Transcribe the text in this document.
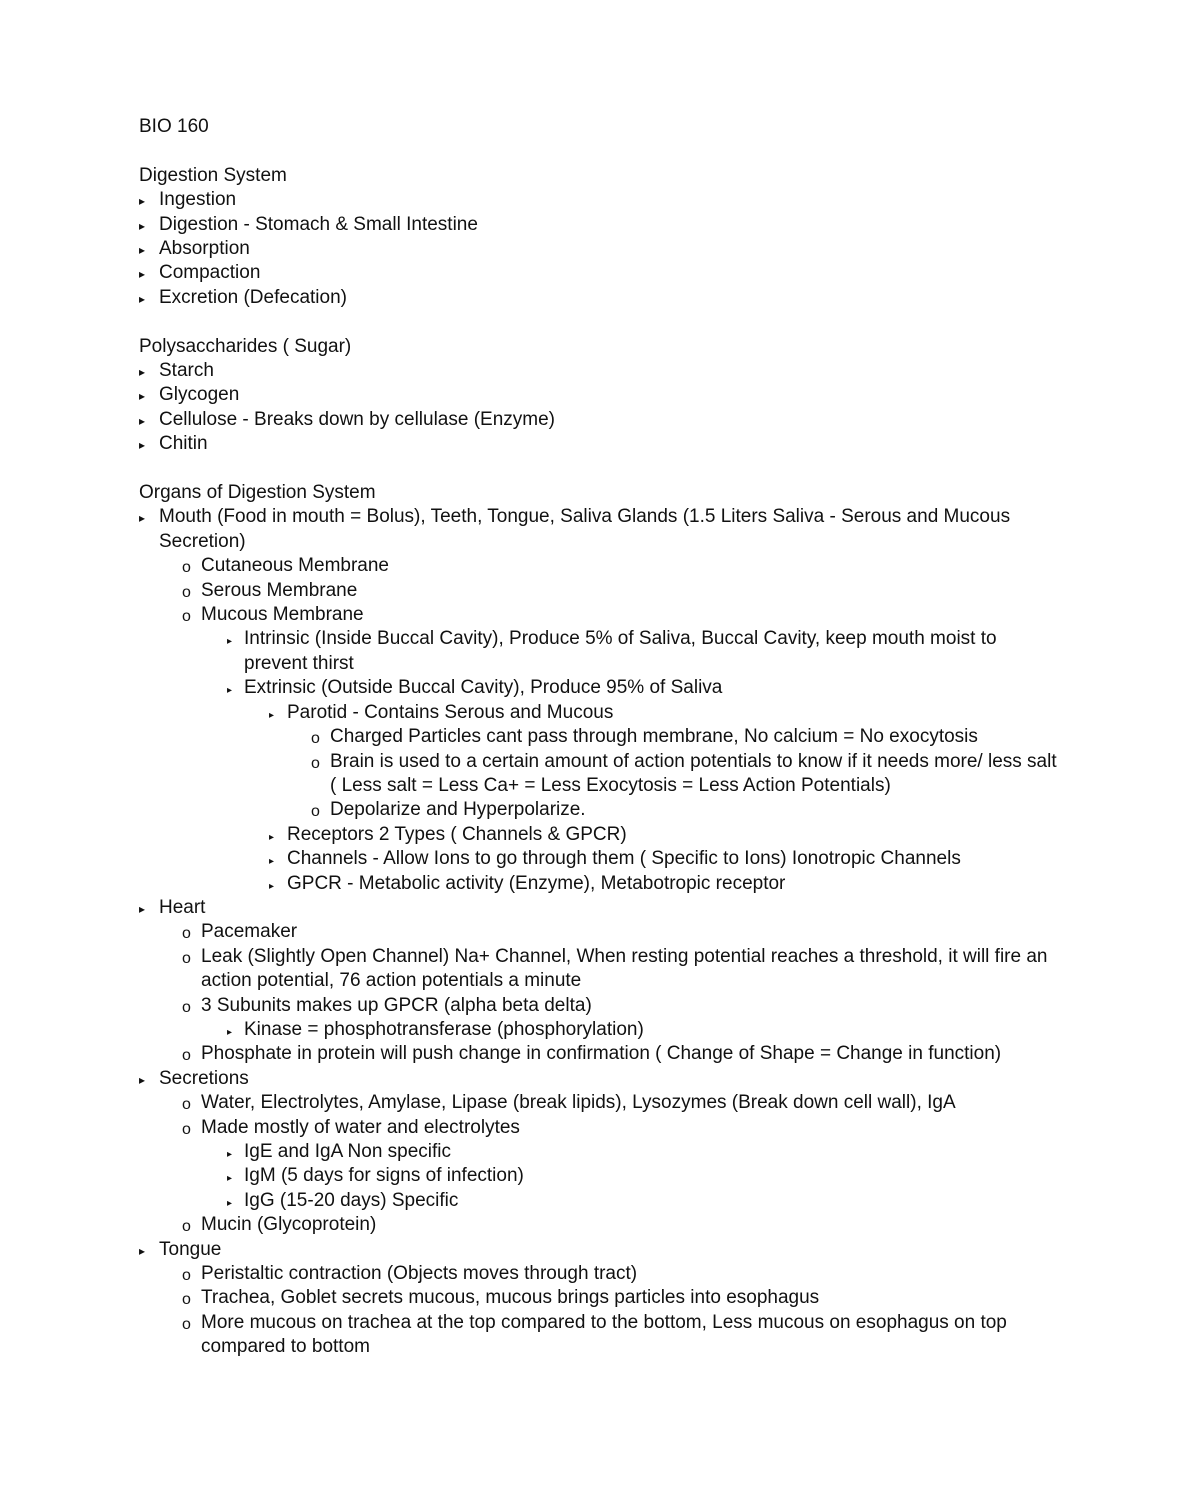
BIO 160
Digestion System
▸
Ingestion
▸
Digestion - Stomach & Small Intestine
▸
Absorption
▸
Compaction
▸
Excretion (Defecation)
Polysaccharides ( Sugar)
▸
Starch
▸
Glycogen
▸
Cellulose - Breaks down by cellulase (Enzyme)
▸
Chitin
Organs of Digestion System
▸
Mouth (Food in mouth = Bolus), Teeth, Tongue, Saliva Glands (1.5 Liters Saliva - Serous and Mucous Secretion)
o
Cutaneous Membrane
o
Serous Membrane
o
Mucous Membrane
▸
Intrinsic (Inside Buccal Cavity), Produce 5% of Saliva, Buccal Cavity, keep mouth moist to prevent thirst
▸
Extrinsic (Outside Buccal Cavity), Produce 95% of Saliva
▸
Parotid - Contains Serous and Mucous
o
Charged Particles cant pass through membrane, No calcium = No exocytosis
o
Brain is used to a certain amount of action potentials to know if it needs more/ less salt ( Less salt = Less Ca+ = Less Exocytosis = Less Action Potentials)
o
Depolarize and Hyperpolarize.
▸
Receptors 2 Types ( Channels & GPCR)
▸
Channels - Allow Ions to go through them ( Specific to Ions) Ionotropic Channels
▸
GPCR - Metabolic activity (Enzyme), Metabotropic receptor
▸
Heart
o
Pacemaker
o
Leak (Slightly Open Channel) Na+ Channel, When resting potential reaches a threshold, it will fire an action potential, 76 action potentials a minute
o
3 Subunits makes up GPCR (alpha beta delta)
▸
Kinase = phosphotransferase (phosphorylation)
o
Phosphate in protein will push change in confirmation ( Change of Shape = Change in function)
▸
Secretions
o
Water, Electrolytes, Amylase, Lipase (break lipids), Lysozymes (Break down cell wall), IgA
o
Made mostly of water and electrolytes
▸
IgE and IgA Non specific
▸
IgM (5 days for signs of infection)
▸
IgG (15-20 days) Specific
o
Mucin (Glycoprotein)
▸
Tongue
o
Peristaltic contraction (Objects moves through tract)
o
Trachea, Goblet secrets mucous, mucous brings particles into esophagus
o
More mucous on trachea at the top compared to the bottom, Less mucous on esophagus on top compared to bottom
